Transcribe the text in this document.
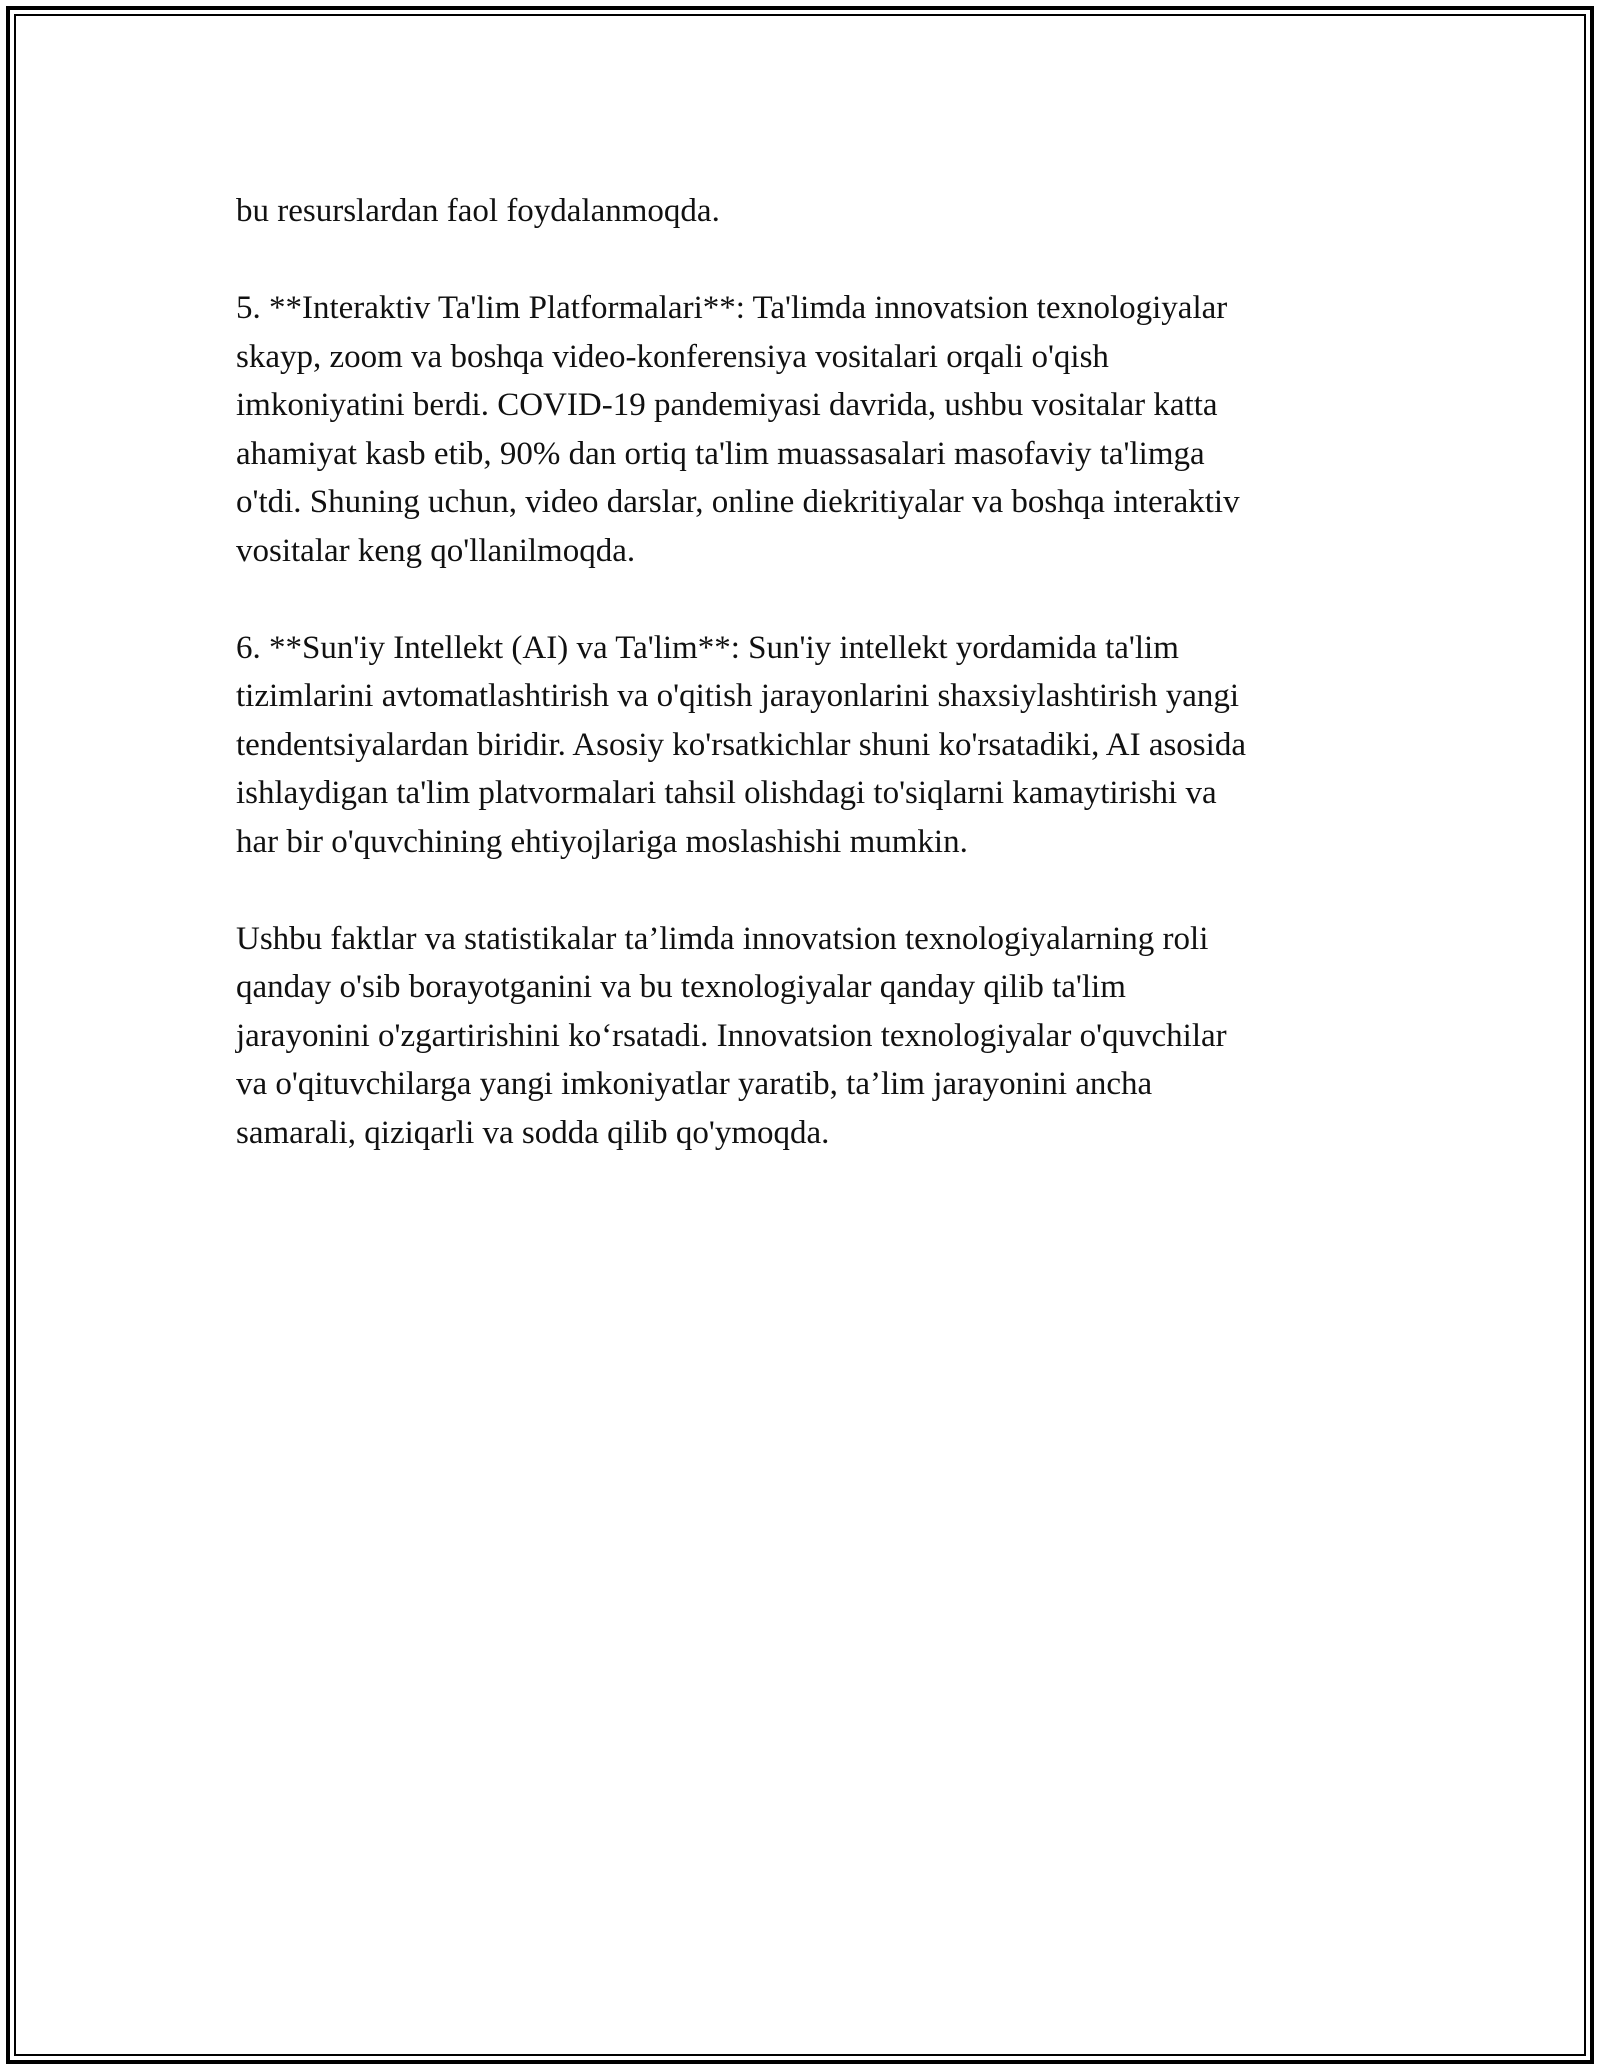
bu resurslardan faol foydalanmoqda.

5. **Interaktiv Ta'lim Platformalari**: Ta'limda innovatsion texnologiyalar
skayp, zoom va boshqa video-konferensiya vositalari orqali o'qish
imkoniyatini berdi. COVID-19 pandemiyasi davrida, ushbu vositalar katta
ahamiyat kasb etib, 90% dan ortiq ta'lim muassasalari masofaviy ta'limga
o'tdi. Shuning uchun, video darslar, online diekritiyalar va boshqa interaktiv
vositalar keng qo'llanilmoqda.

6. **Sun'iy Intellekt (AI) va Ta'lim**: Sun'iy intellekt yordamida ta'lim
tizimlarini avtomatlashtirish va o'qitish jarayonlarini shaxsiylashtirish yangi
tendentsiyalardan biridir. Asosiy ko'rsatkichlar shuni ko'rsatadiki, AI asosida
ishlaydigan ta'lim platvormalari tahsil olishdagi to'siqlarni kamaytirishi va
har bir o'quvchining ehtiyojlariga moslashishi mumkin.

Ushbu faktlar va statistikalar ta’limda innovatsion texnologiyalarning roli
qanday o'sib borayotganini va bu texnologiyalar qanday qilib ta'lim
jarayonini o'zgartirishini ko‘rsatadi. Innovatsion texnologiyalar o'quvchilar
va o'qituvchilarga yangi imkoniyatlar yaratib, ta’lim jarayonini ancha
samarali, qiziqarli va sodda qilib qo'ymoqda.
